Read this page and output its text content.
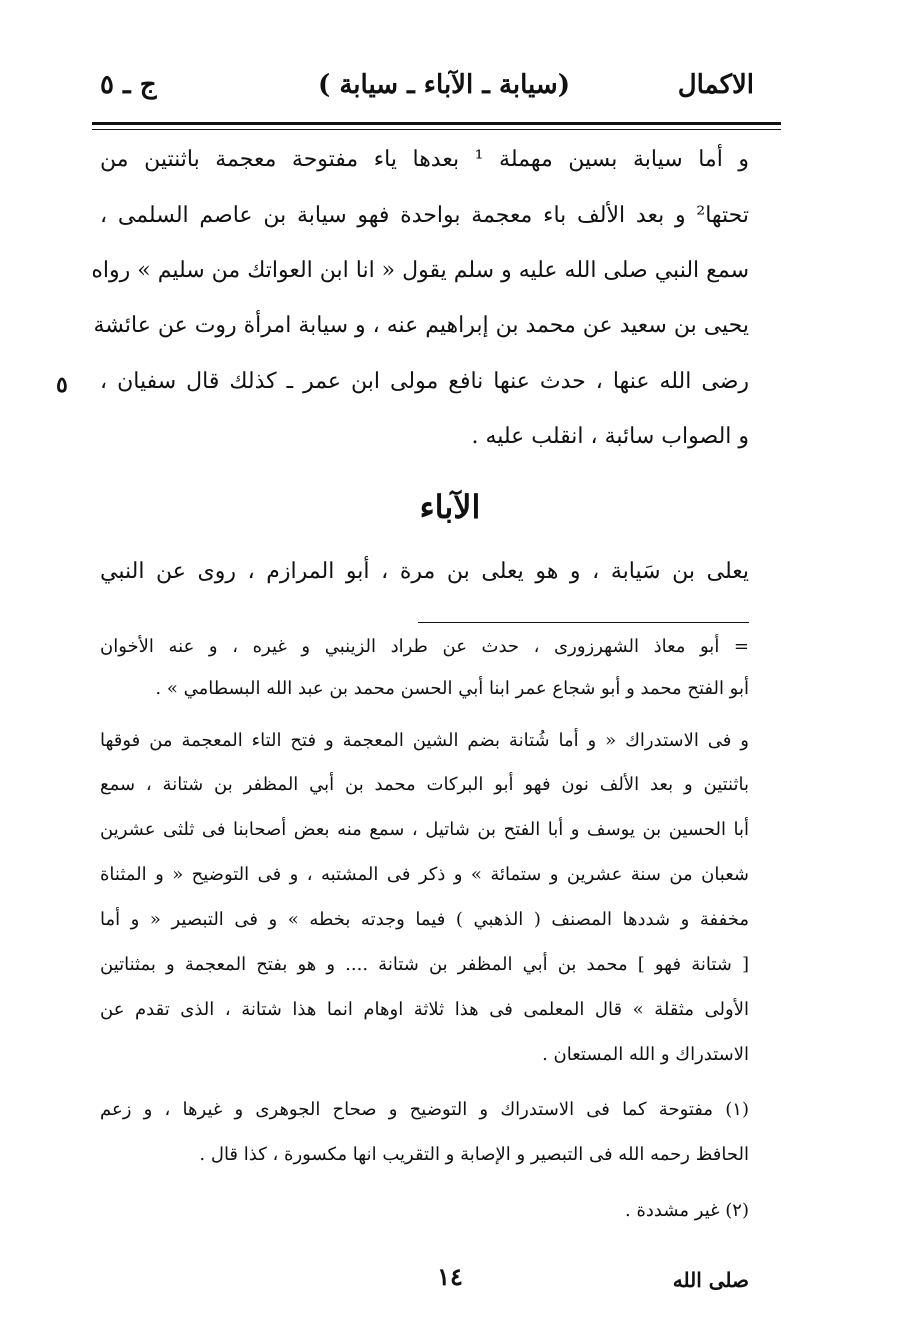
الاكمال
(سيابة ـ الآباء ـ سيابة )
ج ـ ٥
و أما سيابة بسين مهملة ¹ بعدها ياء مفتوحة معجمة باثنتين من
تحتها² و بعد الألف باء معجمة بواحدة فهو سيابة بن عاصم السلمى ،
سمع النبي صلى الله عليه و سلم يقول « انا ابن العواتك من سليم » رواه
يحيى بن سعيد عن محمد بن إبراهيم عنه ، و سيابة امرأة روت عن عائشة
رضى الله عنها ، حدث عنها نافع مولى ابن عمر ـ كذلك قال سفيان ،
و الصواب سائبة ، انقلب عليه .
٥
الآباء
يعلى بن سَيابة ، و هو يعلى بن مرة ، أبو المرازم ، روى عن النبي
= أبو معاذ الشهرزورى ، حدث عن طراد الزينبي و غيره ، و عنه الأخوان
أبو الفتح محمد و أبو شجاع عمر ابنا أبي الحسن محمد بن عبد الله البسطامي » .
و فى الاستدراك « و أما شُتانة بضم الشين المعجمة و فتح التاء المعجمة من فوقها
باثنتين و بعد الألف نون فهو أبو البركات محمد بن أبي المظفر بن شتانة ، سمع
أبا الحسين بن يوسف و أبا الفتح بن شاتيل ، سمع منه بعض أصحابنا فى ثلثى عشرين
شعبان من سنة عشرين و ستمائة » و ذكر فى المشتبه ، و فى التوضيح « و المثناة
مخففة و شددها المصنف ( الذهبي ) فيما وجدته بخطه » و فى التبصير « و أما
[ شتانة فهو ] محمد بن أبي المظفر بن شتانة .... و هو بفتح المعجمة و بمثناتين
الأولى مثقلة » قال المعلمى فى هذا ثلاثة اوهام انما هذا شتانة ، الذى تقدم عن
الاستدراك و الله المستعان .
(١) مفتوحة كما فى الاستدراك و التوضيح و صحاح الجوهرى و غيرها ، و زعم
الحافظ رحمه الله فى التبصير و الإصابة و التقريب انها مكسورة ، كذا قال .
(٢) غير مشددة .
صلى الله
١٤
